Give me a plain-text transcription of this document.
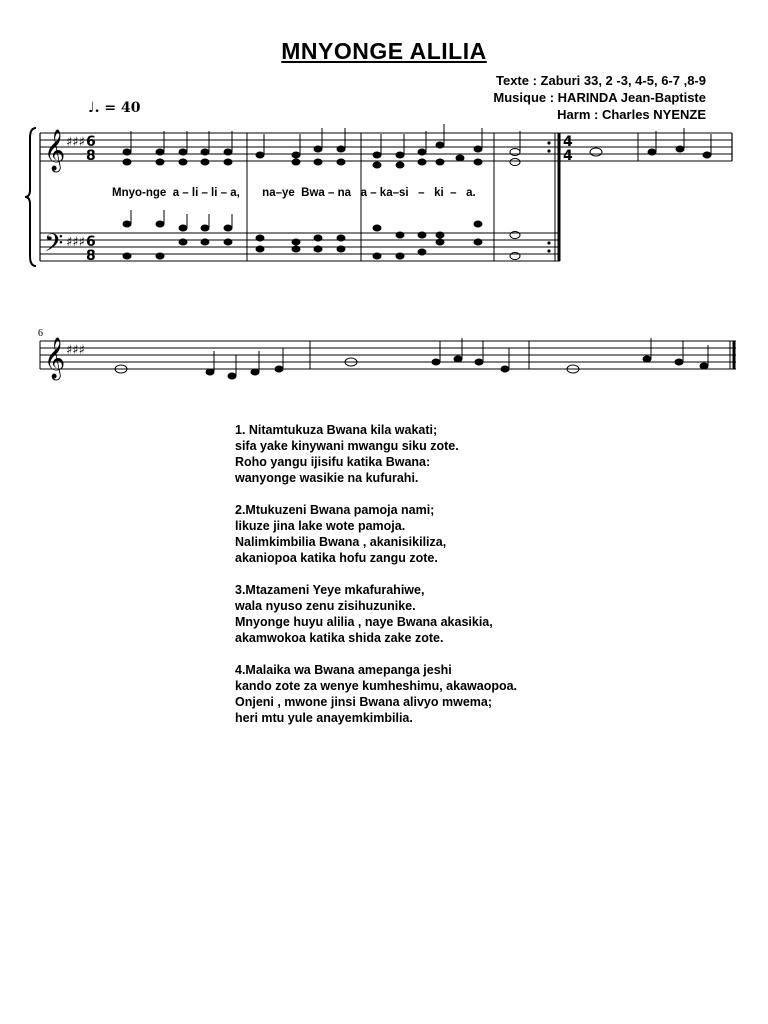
MNYONGE ALILIA
Texte : Zaburi 33, 2 -3, 4-5, 6-7 ,8-9
Musique : HARINDA Jean-Baptiste
Harm : Charles NYENZE
♩. = 40
𝄞
𝄢
♯♯♯
♯♯♯
6
8
6
8
4
4
𝄞 ♯♯♯
Mnyo-nge  a – li – li – a,       na–ye  Bwa – na   a – ka–si   –   ki  –   a.
6
1. Nitamtukuza Bwana kila wakati;
sifa yake kinywani mwangu siku zote.
Roho yangu ijisifu katika Bwana:
wanyonge wasikie na kufurahi.
2.Mtukuzeni Bwana pamoja nami;
likuze jina lake wote pamoja.
Nalimkimbilia Bwana , akanisikiliza,
akaniopoa katika hofu zangu zote.
3.Mtazameni Yeye mkafurahiwe,
wala nyuso zenu zisihuzunike.
Mnyonge huyu alilia , naye Bwana akasikia,
akamwokoa katika shida zake zote.
4.Malaika wa Bwana amepanga jeshi
kando zote za wenye kumheshimu, akawaopoa.
Onjeni , mwone jinsi Bwana alivyo mwema;
heri mtu yule anayemkimbilia.
